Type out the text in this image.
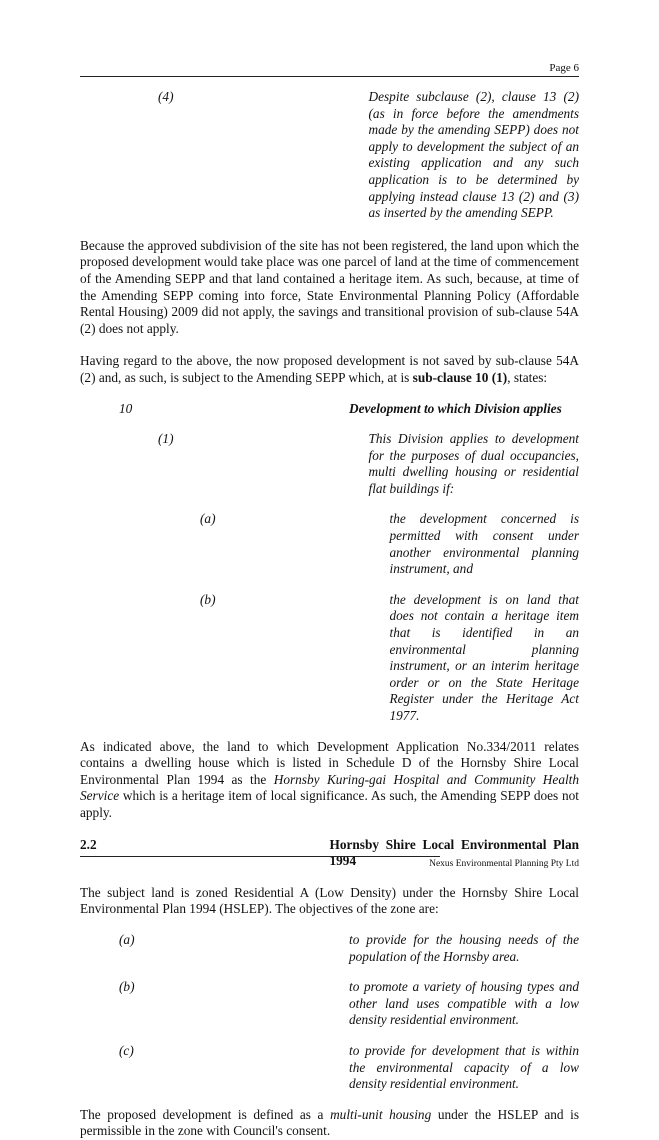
Page 6
(4)	Despite subclause (2), clause 13 (2) (as in force before the amendments made by the amending SEPP) does not apply to development the subject of an existing application and any such application is to be determined by applying instead clause 13 (2) and (3) as inserted by the amending SEPP.

Because the approved subdivision of the site has not been registered, the land upon which the proposed development would take place was one parcel of land at the time of commencement of the Amending SEPP and that land contained a heritage item. As such, because, at time of the Amending SEPP coming into force, State Environmental Planning Policy (Affordable Rental Housing) 2009 did not apply, the savings and transitional provision of sub-clause 54A (2) does not apply.

Having regard to the above, the now proposed development is not saved by sub-clause 54A (2) and, as such, is subject to the Amending SEPP which, at is sub-clause 10 (1), states:

10	Development to which Division applies
(1)	This Division applies to development for the purposes of dual occupancies, multi dwelling housing or residential flat buildings if:
(a)	the development concerned is permitted with consent under another environmental planning instrument, and
(b)	the development is on land that does not contain a heritage item that is identified in an environmental planning instrument, or an interim heritage order or on the State Heritage Register under the Heritage Act 1977.

As indicated above, the land to which Development Application No.334/2011 relates contains a dwelling house which is listed in Schedule D of the Hornsby Shire Local Environmental Plan 1994 as the Hornsby Kuring-gai Hospital and Community Health Service which is a heritage item of local significance. As such, the Amending SEPP does not apply.

2.2	Hornsby Shire Local Environmental Plan 1994

The subject land is zoned Residential A (Low Density) under the Hornsby Shire Local Environmental Plan 1994 (HSLEP). The objectives of the zone are:

(a)	to provide for the housing needs of the population of the Hornsby area.
(b)	to promote a variety of housing types and other land uses compatible with a low density residential environment.
(c)	to provide for development that is within the environmental capacity of a low density residential environment.

The proposed development is defined as a multi-unit housing under the HSLEP and is permissible in the zone with Council's consent.

Nexus Environmental Planning Pty Ltd
